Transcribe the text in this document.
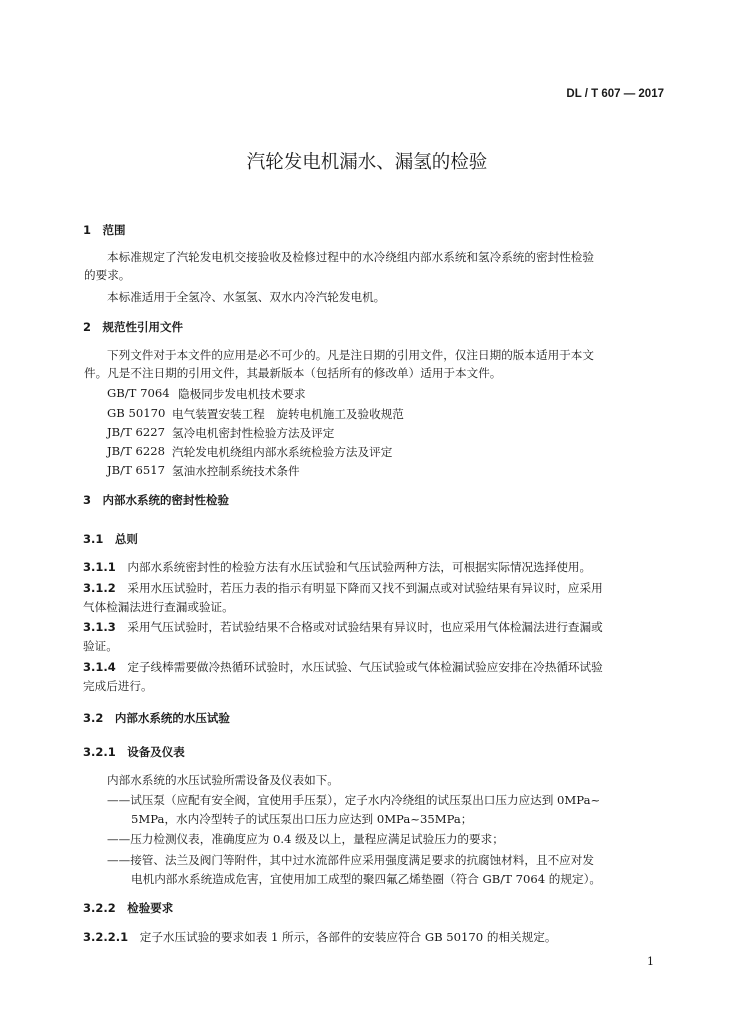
DL / T 607 — 2017
汽轮发电机漏水、漏氢的检验
1　范围
本标准规定了汽轮发电机交接验收及检修过程中的水冷绕组内部水系统和氢冷系统的密封性检验
的要求。
本标准适用于全氢冷、水氢氢、双水内冷汽轮发电机。
2　规范性引用文件
下列文件对于本文件的应用是必不可少的。凡是注日期的引用文件，仅注日期的版本适用于本文
件。凡是不注日期的引用文件，其最新版本（包括所有的修改单）适用于本文件。
GB/T 7064 隐极同步发电机技术要求
GB 50170 电气装置安装工程　旋转电机施工及验收规范
JB/T 6227 氢冷电机密封性检验方法及评定
JB/T 6228 汽轮发电机绕组内部水系统检验方法及评定
JB/T 6517 氢油水控制系统技术条件
3　内部水系统的密封性检验
3.1　总则
3.1.1　 内部水系统密封性的检验方法有水压试验和气压试验两种方法，可根据实际情况选择使用。
3.1.2　 采用水压试验时，若压力表的指示有明显下降而又找不到漏点或对试验结果有异议时，应采用
气体检漏法进行查漏或验证。
3.1.3　 采用气压试验时，若试验结果不合格或对试验结果有异议时，也应采用气体检漏法进行查漏或
验证。
3.1.4　 定子线棒需要做冷热循环试验时，水压试验、气压试验或气体检漏试验应安排在冷热循环试验
完成后进行。
3.2　内部水系统的水压试验
3.2.1　设备及仪表
内部水系统的水压试验所需设备及仪表如下。
——试压泵（应配有安全阀，宜使用手压泵），定子水内冷绕组的试压泵出口压力应达到 0MPa~
5MPa，水内冷型转子的试压泵出口压力应达到 0MPa~35MPa；
——压力检测仪表，准确度应为 0.4 级及以上，量程应满足试验压力的要求；
——接管、法兰及阀门等附件，其中过水流部件应采用强度满足要求的抗腐蚀材料，且不应对发
电机内部水系统造成危害，宜使用加工成型的聚四氟乙烯垫圈（符合 GB/T 7064 的规定）。
3.2.2　检验要求
3.2.2.1　 定子水压试验的要求如表 1 所示，各部件的安装应符合 GB 50170 的相关规定。
1
